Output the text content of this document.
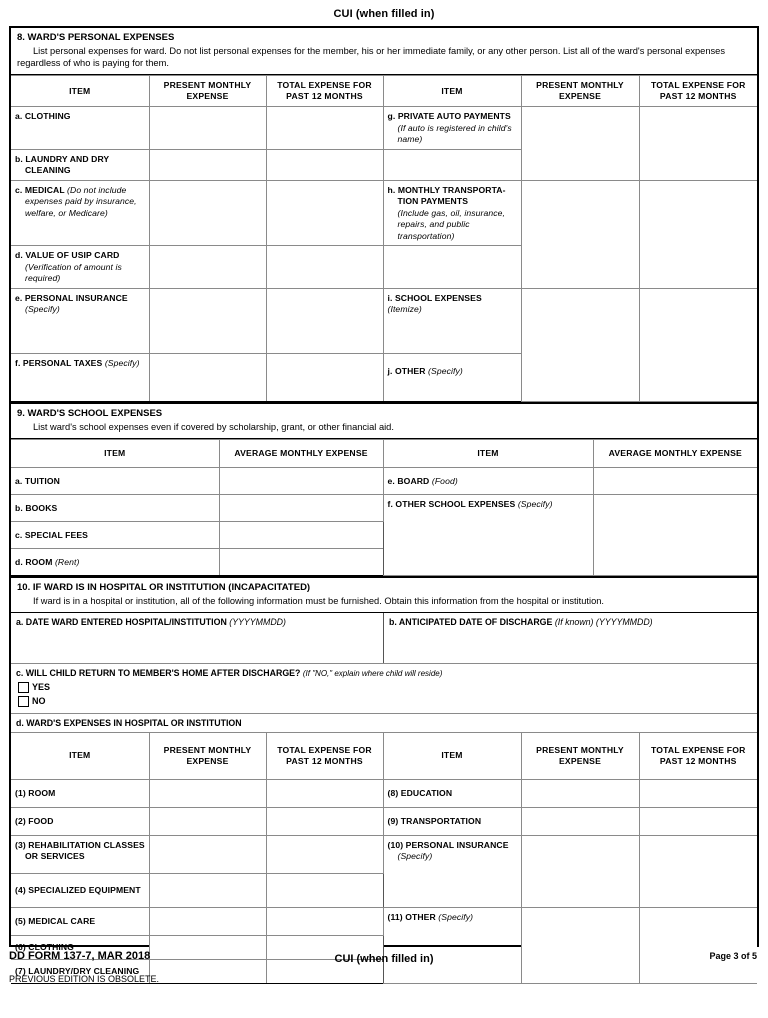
CUI (when filled in)
8. WARD'S PERSONAL EXPENSES
List personal expenses for ward. Do not list personal expenses for the member, his or her immediate family, or any other person. List all of the ward's personal expenses regardless of who is paying for them.
ITEM	PRESENT MONTHLY EXPENSE	TOTAL EXPENSE FOR PAST 12 MONTHS	ITEM	PRESENT MONTHLY EXPENSE	TOTAL EXPENSE FOR PAST 12 MONTHS

a. CLOTHING			g. PRIVATE AUTO PAYMENTS
(If auto is registered in child's name)		

b. LAUNDRY AND DRY
CLEANING					

c. MEDICAL (Do not include
expenses paid by insurance, welfare, or Medicare)			h. MONTHLY TRANSPORTA-
TION PAYMENTS
(Include gas, oil, insurance, repairs, and public transportation)		

d. VALUE OF USIP CARD
(Verification of amount is required)					

e. PERSONAL INSURANCE
(Specify)			i. SCHOOL EXPENSES (Itemize)		

f. PERSONAL TAXES (Specify)			j. OTHER (Specify)		
9. WARD'S SCHOOL EXPENSES
List ward's school expenses even if covered by scholarship, grant, or other financial aid.
ITEM	AVERAGE MONTHLY EXPENSE	ITEM	AVERAGE MONTHLY EXPENSE

a. TUITION		e. BOARD (Food)	

b. BOOKS		f. OTHER SCHOOL EXPENSES (Specify)	

c. SPECIAL FEES			

d. ROOM (Rent)			

10. IF WARD IS IN HOSPITAL OR INSTITUTION (INCAPACITATED)
If ward is in a hospital or institution, all of the following information must be furnished. Obtain this information from the hospital or institution.
a. DATE WARD ENTERED HOSPITAL/INSTITUTION (YYYYMMDD)	b. ANTICIPATED DATE OF DISCHARGE (If known) (YYYYMMDD)
c. WILL CHILD RETURN TO MEMBER'S HOME AFTER DISCHARGE? (If "NO," explain where child will reside)
YES
NO
d. WARD'S EXPENSES IN HOSPITAL OR INSTITUTION
ITEM	PRESENT MONTHLY EXPENSE	TOTAL EXPENSE FOR PAST 12 MONTHS	ITEM	PRESENT MONTHLY EXPENSE	TOTAL EXPENSE FOR PAST 12 MONTHS

(1) ROOM			(8) EDUCATION		

(2) FOOD			(9) TRANSPORTATION		

(3) REHABILITATION CLASSES
OR SERVICES			(10) PERSONAL INSURANCE
(Specify)		

(4) SPECIALIZED EQUIPMENT					

(5) MEDICAL CARE			(11) OTHER (Specify)		

(6) CLOTHING					

(7) LAUNDRY/DRY CLEANING					

DD FORM 137-7, MAR 2018	CUI (when filled in)	Page 3 of 5
PREVIOUS EDITION IS OBSOLETE.
